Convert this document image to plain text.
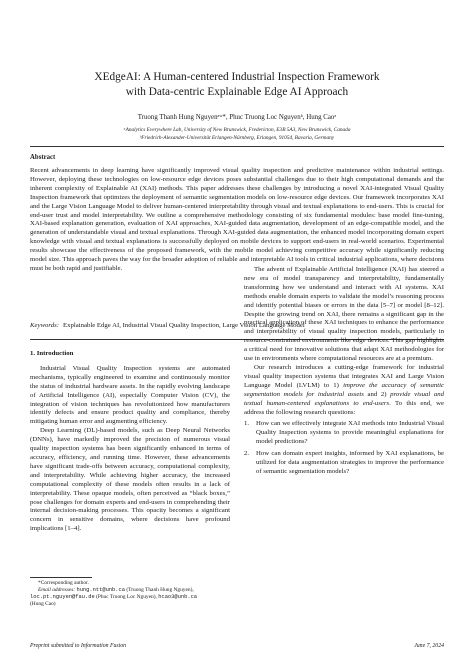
XEdgeAI: A Human-centered Industrial Inspection Framework
with Data-centric Explainable Edge AI Approach
Truong Thanh Hung Nguyenᵃʷ*, Phuc Truong Loc Nguyenᵇ, Hung Caoᵃ
ᵃAnalytics Everywhere Lab, University of New Brunswick, Fredericton, E3B 5A3, New Brunswick, Canada
ᵇFriedrich-Alexander-Universität Erlangen-Nürnberg, Erlangen, 91054, Bavaria, Germany
Abstract
Recent advancements in deep learning have significantly improved visual quality inspection and predictive maintenance within industrial settings. However, deploying these technologies on low-resource edge devices poses substantial challenges due to their high computational demands and the inherent complexity of Explainable AI (XAI) methods. This paper addresses these challenges by introducing a novel XAI-integrated Visual Quality Inspection framework that optimizes the deployment of semantic segmentation models on low-resource edge devices. Our framework incorporates XAI and the Large Vision Language Model to deliver human-centered interpretability through visual and textual explanations to end-users. This is crucial for end-user trust and model interpretability. We outline a comprehensive methodology consisting of six fundamental modules: base model fine-tuning, XAI-based explanation generation, evaluation of XAI approaches, XAI-guided data augmentation, development of an edge-compatible model, and the generation of understandable visual and textual explanations. Through XAI-guided data augmentation, the enhanced model incorporating domain expert knowledge with visual and textual explanations is successfully deployed on mobile devices to support end-users in real-world scenarios. Experimental results showcase the effectiveness of the proposed framework, with the mobile model achieving competitive accuracy while significantly reducing model size. This approach paves the way for the broader adoption of reliable and interpretable AI tools in critical industrial applications, where decisions must be both rapid and justifiable.
Keywords: Explainable Edge AI, Industrial Visual Quality Inspection, Large Vision Language Model
1. Introduction

Industrial Visual Quality Inspection systems are automated mechanisms, typically engineered to examine and continuously monitor the status of industrial hardware assets. In the rapidly evolving landscape of Artificial Intelligence (AI), especially Computer Vision (CV), the integration of vision techniques has revolutionized how manufacturers identify defects and ensure product quality and compliance, thereby mitigating human error and augmenting efficiency.

Deep Learning (DL)-based models, such as Deep Neural Networks (DNNs), have markedly improved the precision of numerous visual quality inspection systems has been significantly enhanced in terms of accuracy, efficiency, and running time. However, these advancements have significant trade-offs between accuracy, computational complexity, and interpretability. While achieving higher accuracy, the increased computational complexity of these models often results in a lack of interpretability. These opaque models, often perceived as “black boxes,” pose challenges for domain experts and end-users in comprehending their internal decision-making processes. This opacity becomes a significant concern in sensitive domains, where decisions have profound implications [1–4].

The advent of Explainable Artificial Intelligence (XAI) has steered a new era of model transparency and interpretability, fundamentally transforming how we understand and interact with AI systems. XAI methods enable domain experts to validate the model’s reasoning process and identify potential biases or errors in the data [5–7] or model [8–12]. Despite the growing trend on XAI, there remains a significant gap in the practical application of these XAI techniques to enhance the performance and interpretability of visual quality inspection models, particularly in resource-constrained environments like edge devices. This gap highlights a critical need for innovative solutions that adapt XAI methodologies for use in environments where computational resources are at a premium.

Our research introduces a cutting-edge framework for industrial visual quality inspection systems that integrates XAI and Large Vision Language Model (LVLM) to 1) improve the accuracy of semantic segmentation models for industrial assets and 2) provide visual and textual human-centered explanations to end-users. To this end, we address the following research questions:

1. How can we effectively integrate XAI methods into Industrial Visual Quality Inspection systems to provide meaningful explanations for model predictions?
2. How can domain expert insights, informed by XAI explanations, be utilized for data augmentation strategies to improve the performance of semantic segmentation models?
*Corresponding author.
Email addresses: hung.ntt@unb.ca (Truong Thanh Hung Nguyen),
loc.pt.nguyen@fau.de (Phuc Truong Loc Nguyen), hcao3@unb.ca
(Hung Cao)
Preprint submitted to Information Fusion	June 7, 2024
